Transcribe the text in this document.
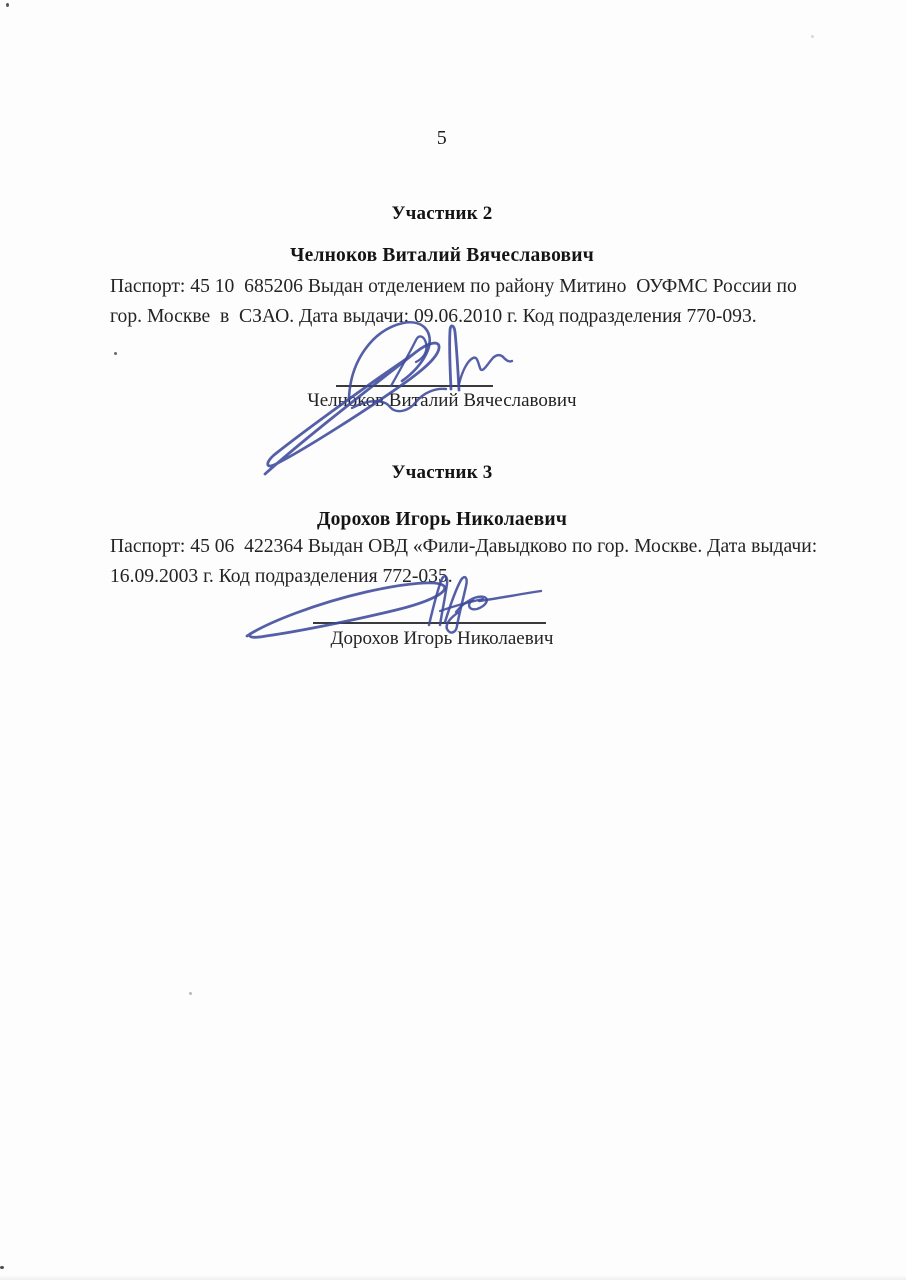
5
Участник 2
Челноков Виталий Вячеславович
Паспорт: 45 10  685206 Выдан отделением по району Митино  ОУФМС России по
гор. Москве  в  СЗАО. Дата выдачи: 09.06.2010 г. Код подразделения 770-093.
Челноков Виталий Вячеславович
Участник 3
Дорохов Игорь Николаевич
Паспорт: 45 06  422364 Выдан ОВД «Фили-Давыдково по гор. Москве. Дата выдачи:
16.09.2003 г. Код подразделения 772-035.
Дорохов Игорь Николаевич
